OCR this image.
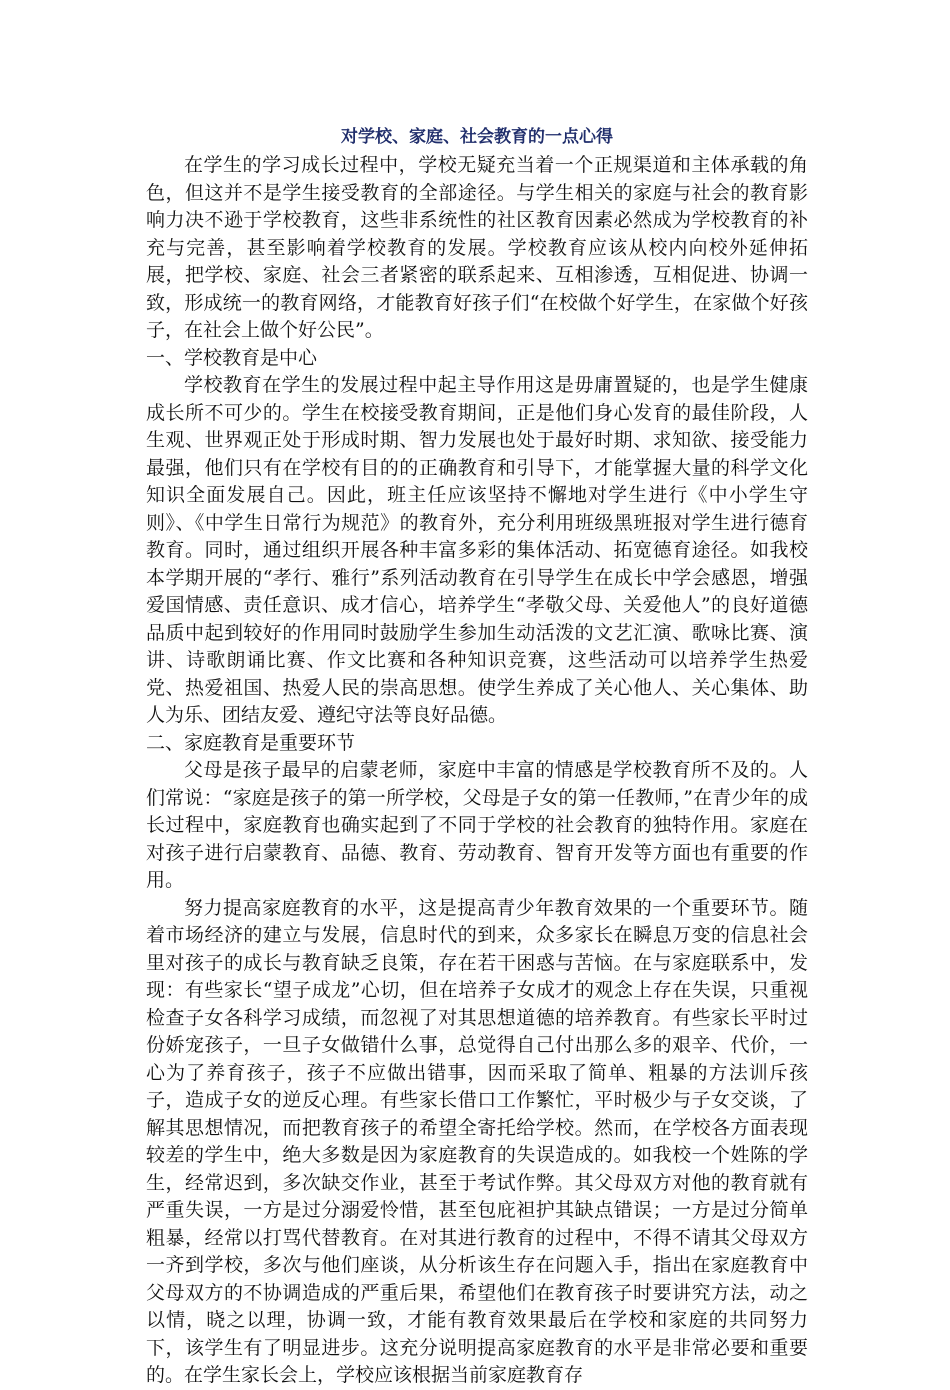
对学校、家庭、社会教育的一点心得

在学生的学习成长过程中，学校无疑充当着一个正规渠道和主体承载的角色，但这并不是学生接受教育的全部途径。与学生相关的家庭与社会的教育影响力决不逊于学校教育，这些非系统性的社区教育因素必然成为学校教育的补充与完善，甚至影响着学校教育的发展。学校教育应该从校内向校外延伸拓展，把学校、家庭、社会三者紧密的联系起来、互相渗透，互相促进、协调一致，形成统一的教育网络，才能教育好孩子们“在校做个好学生，在家做个好孩子，在社会上做个好公民”。

一、学校教育是中心

学校教育在学生的发展过程中起主导作用这是毋庸置疑的，也是学生健康成长所不可少的。学生在校接受教育期间，正是他们身心发育的最佳阶段，人生观、世界观正处于形成时期、智力发展也处于最好时期、求知欲、接受能力最强，他们只有在学校有目的的正确教育和引导下，才能掌握大量的科学文化知识全面发展自己。因此，班主任应该坚持不懈地对学生进行《中小学生守则》、《中学生日常行为规范》的教育外，充分利用班级黑班报对学生进行德育教育。同时，通过组织开展各种丰富多彩的集体活动、拓宽德育途径。如我校本学期开展的“孝行、雅行”系列活动教育在引导学生在成长中学会感恩，增强爱国情感、责任意识、成才信心，培养学生“孝敬父母、关爱他人”的良好道德品质中起到较好的作用同时鼓励学生参加生动活泼的文艺汇演、歌咏比赛、演讲、诗歌朗诵比赛、作文比赛和各种知识竞赛，这些活动可以培养学生热爱党、热爱祖国、热爱人民的崇高思想。使学生养成了关心他人、关心集体、助人为乐、团结友爱、遵纪守法等良好品德。

二、家庭教育是重要环节

父母是孩子最早的启蒙老师，家庭中丰富的情感是学校教育所不及的。人们常说：“家庭是孩子的第一所学校，父母是子女的第一任教师，”在青少年的成长过程中，家庭教育也确实起到了不同于学校的社会教育的独特作用。家庭在对孩子进行启蒙教育、品德、教育、劳动教育、智育开发等方面也有重要的作用。

努力提高家庭教育的水平，这是提高青少年教育效果的一个重要环节。随着市场经济的建立与发展，信息时代的到来，众多家长在瞬息万变的信息社会里对孩子的成长与教育缺乏良策，存在若干困惑与苦恼。在与家庭联系中，发现：有些家长“望子成龙”心切，但在培养子女成才的观念上存在失误，只重视检查子女各科学习成绩，而忽视了对其思想道德的培养教育。有些家长平时过份娇宠孩子，一旦子女做错什么事，总觉得自己付出那么多的艰辛、代价，一心为了养育孩子，孩子不应做出错事，因而采取了简单、粗暴的方法训斥孩子，造成子女的逆反心理。有些家长借口工作繁忙，平时极少与子女交谈，了解其思想情况，而把教育孩子的希望全寄托给学校。然而，在学校各方面表现较差的学生中，绝大多数是因为家庭教育的失误造成的。如我校一个姓陈的学生，经常迟到，多次缺交作业，甚至于考试作弊。其父母双方对他的教育就有严重失误，一方是过分溺爱怜惜，甚至包庇袒护其缺点错误；一方是过分简单粗暴，经常以打骂代替教育。在对其进行教育的过程中，不得不请其父母双方一齐到学校，多次与他们座谈，从分析该生存在问题入手，指出在家庭教育中父母双方的不协调造成的严重后果，希望他们在教育孩子时要讲究方法，动之以情，晓之以理，协调一致，才能有教育效果最后在学校和家庭的共同努力下，该学生有了明显进步。这充分说明提高家庭教育的水平是非常必要和重要的。在学生家长会上，学校应该根据当前家庭教育存
